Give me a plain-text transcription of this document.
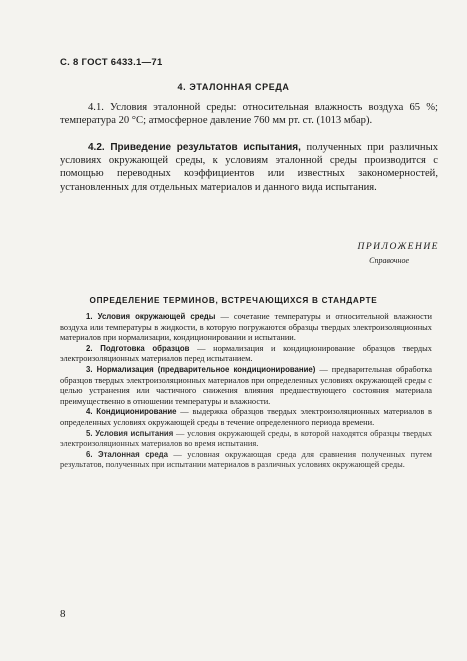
С. 8 ГОСТ 6433.1—71
4. ЭТАЛОННАЯ СРЕДА
4.1. Условия эталонной среды: относительная влажность воздуха 65 %; температура 20 °С; атмосферное давление 760 мм рт. ст. (1013 мбар).
4.2. Приведение результатов испытания, полученных при различных условиях окружающей среды, к условиям эталонной среды производится с помощью переводных коэффициентов или известных закономерностей, установленных для отдельных материалов и данного вида испытания.
ПРИЛОЖЕНИЕ
Справочное
ОПРЕДЕЛЕНИЕ ТЕРМИНОВ, ВСТРЕЧАЮЩИХСЯ В СТАНДАРТЕ
1. Условия окружающей среды — сочетание температуры и относительной влажности воздуха или температуры в жидкости, в которую погружаются образцы твердых электроизоляционных материалов при нормализации, кондиционировании и испытании.
2. Подготовка образцов — нормализация и кондиционирование образцов твердых электроизоляционных материалов перед испытанием.
3. Нормализация (предварительное кондиционирование) — предварительная обработка образцов твердых электроизоляционных материалов при определенных условиях окружающей среды с целью устранения или частичного снижения влияния предшествующего состояния материала преимущественно в отношении температуры и влажности.
4. Кондиционирование — выдержка образцов твердых электроизоляционных материалов в определенных условиях окружающей среды в течение определенного периода времени.
5. Условия испытания — условия окружающей среды, в которой находятся образцы твердых электроизоляционных материалов во время испытания.
6. Эталонная среда — условная окружающая среда для сравнения полученных путем результатов, полученных при испытании материалов в различных условиях окружающей среды.
8
